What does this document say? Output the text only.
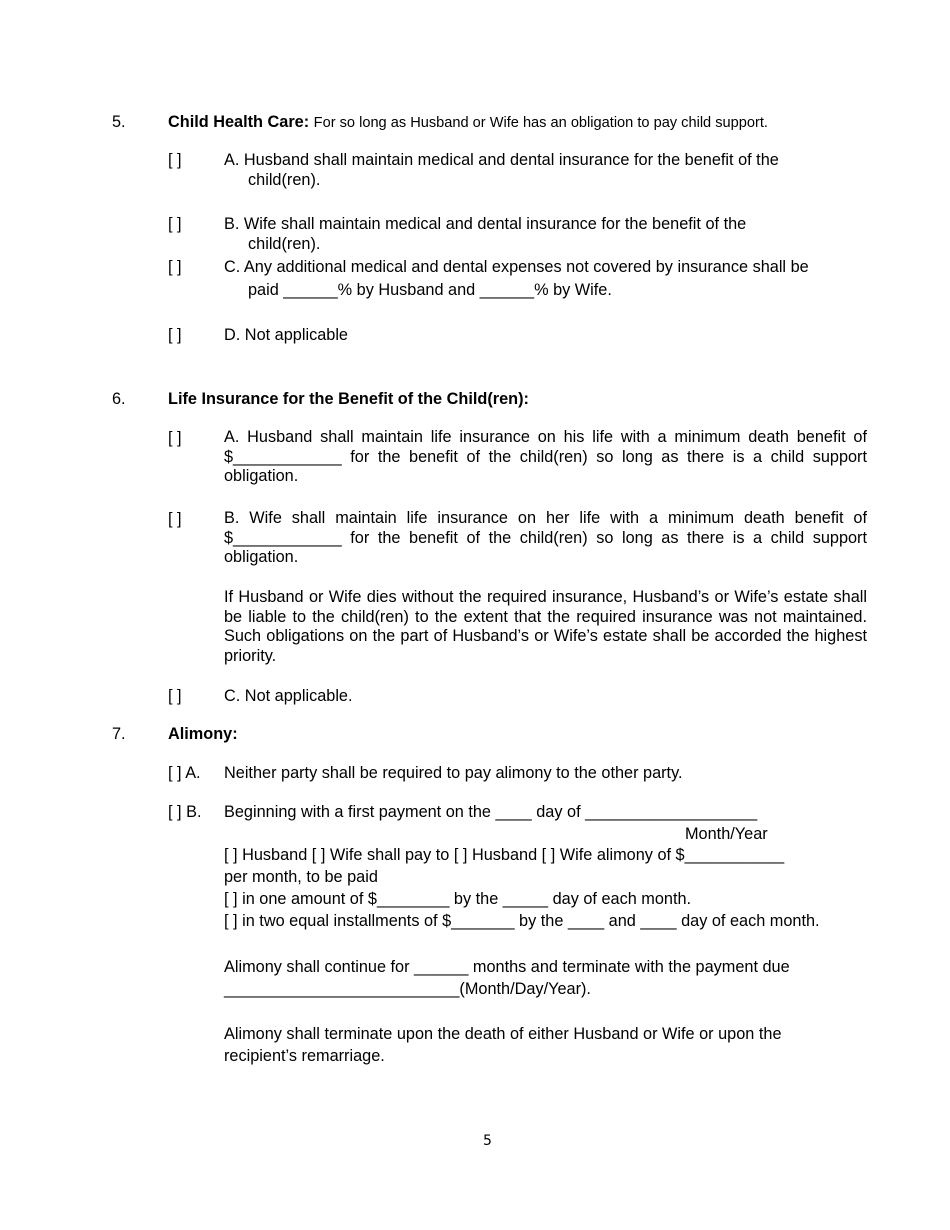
5.	Child Health Care: For so long as Husband or Wife has an obligation to pay child support.
[ ]	A. Husband shall maintain medical and dental insurance for the benefit of the
child(ren).
[ ]	B. Wife shall maintain medical and dental insurance for the benefit of the
child(ren).
[ ]	C. Any additional medical and dental expenses not covered by insurance shall be
paid ______% by Husband and ______% by Wife.
[ ]	D. Not applicable
6.	Life Insurance for the Benefit of the Child(ren):
[ ]	A. Husband shall maintain life insurance on his life with a minimum death benefit of $____________ for the benefit of the child(ren) so long as there is a child support obligation.
[ ]	B. Wife shall maintain life insurance on her life with a minimum death benefit of $____________ for the benefit of the child(ren) so long as there is a child support obligation.
If Husband or Wife dies without the required insurance, Husband’s or Wife’s estate shall be liable to the child(ren) to the extent that the required insurance was not maintained. Such obligations on the part of Husband’s or Wife’s estate shall be accorded the highest priority.
[ ]	C. Not applicable.
7.	Alimony:
[ ] A. Neither party shall be required to pay alimony to the other party.
[ ] B. Beginning with a first payment on the ____ day of ___________________
Month/Year
[ ] Husband [ ] Wife shall pay to [ ] Husband [ ] Wife alimony of $___________
per month, to be paid
[ ] in one amount of $________ by the _____ day of each month.
[ ] in two equal installments of $_______ by the ____ and ____ day of each month.
Alimony shall continue for ______ months and terminate with the payment due
__________________________(Month/Day/Year).
Alimony shall terminate upon the death of either Husband or Wife or upon the
recipient’s remarriage.
5
